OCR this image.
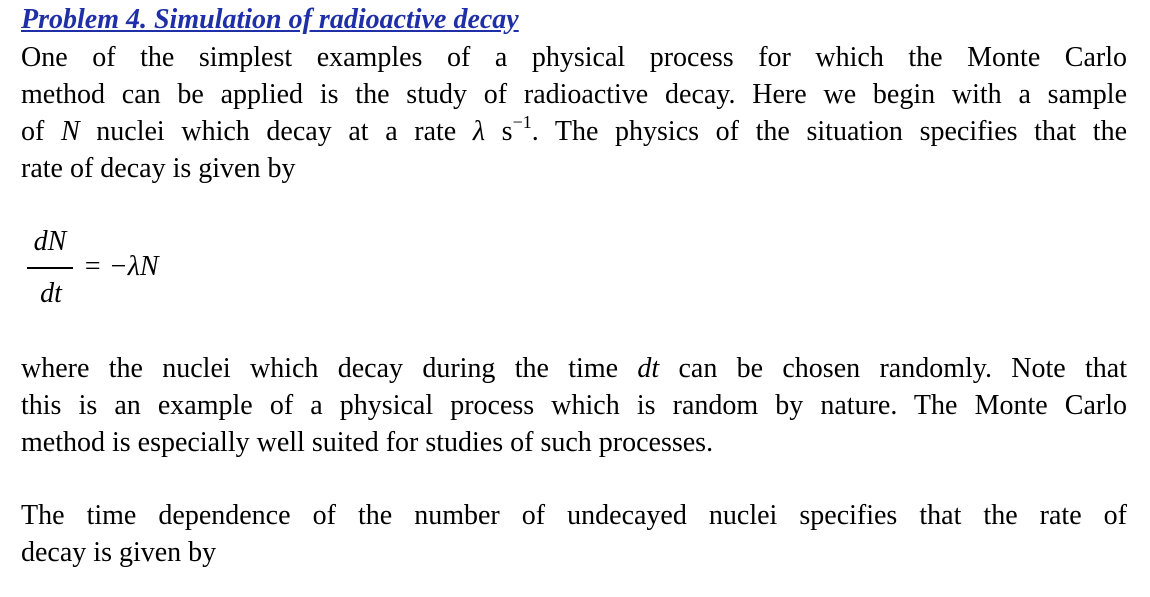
Problem 4. Simulation of radioactive decay
One of the simplest examples of a physical process for which the Monte Carlo
method can be applied is the study of radioactive decay. Here we begin with a sample
of N nuclei which decay at a rate λ $s^{-1}$. The physics of the situation specifies that the
rate of decay is given by
dN
dt
= −λN
where the nuclei which decay during the time dt can be chosen randomly. Note that
this is an example of a physical process which is random by nature. The Monte Carlo
method is especially well suited for studies of such processes.
The time dependence of the number of undecayed nuclei specifies that the rate of
decay is given by
